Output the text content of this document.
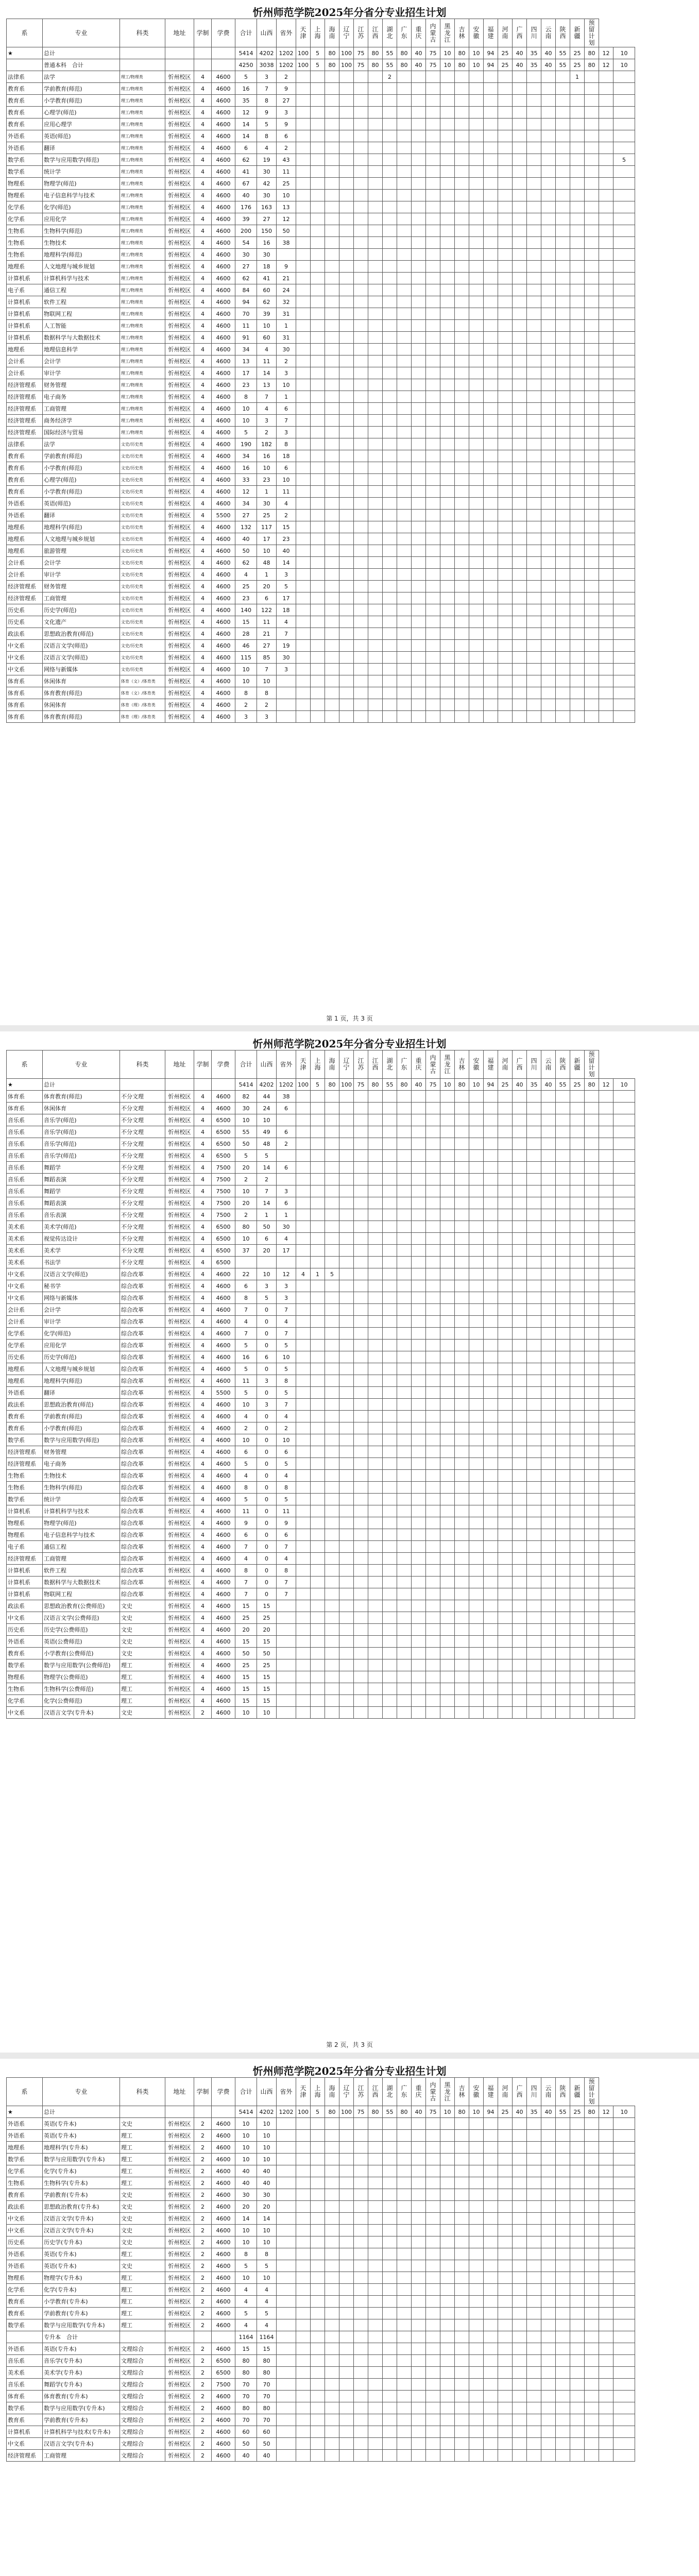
忻州师范学院2025年分省分专业招生计划
系	专业	科类	地址	学制	学费	合计	山西	省外	天津	上海	海南	辽宁	江苏	江西	湖北	广东	重庆	内蒙古	黑龙江	吉林	安徽	福建	河南	广西	四川	云南	陕西	新疆	预留计划		
★	总计					5414	4202	1202	100	5	80	100	75	80	55	80	40	75	10	80	10	94	25	40	35	40	55	25	80	12	10
	普通本科　合计					4250	3038	1202	100	5	80	100	75	80	55	80	40	75	10	80	10	94	25	40	35	40	55	25	80	12	10
法律系	法学	理工/物理类	忻州校区	4	4600	5	3	2							2													1			
教育系	学前教育(师范)	理工/物理类	忻州校区	4	4600	16	7	9																							
教育系	小学教育(师范)	理工/物理类	忻州校区	4	4600	35	8	27																							
教育系	心理学(师范)	理工/物理类	忻州校区	4	4600	12	9	3																							
教育系	应用心理学	理工/物理类	忻州校区	4	4600	14	5	9																							
外语系	英语(师范)	理工/物理类	忻州校区	4	4600	14	8	6																							
外语系	翻译	理工/物理类	忻州校区	4	4600	6	4	2																							
数学系	数学与应用数学(师范)	理工/物理类	忻州校区	4	4600	62	19	43																							5
数学系	统计学	理工/物理类	忻州校区	4	4600	41	30	11																							
物理系	物理学(师范)	理工/物理类	忻州校区	4	4600	67	42	25																							
物理系	电子信息科学与技术	理工/物理类	忻州校区	4	4600	40	30	10																							
化学系	化学(师范)	理工/物理类	忻州校区	4	4600	176	163	13																							
化学系	应用化学	理工/物理类	忻州校区	4	4600	39	27	12																							
生物系	生物科学(师范)	理工/物理类	忻州校区	4	4600	200	150	50																							
生物系	生物技术	理工/物理类	忻州校区	4	4600	54	16	38																							
生物系	地理科学(师范)	理工/物理类	忻州校区	4	4600	30	30																								
地理系	人文地理与城乡规划	理工/物理类	忻州校区	4	4600	27	18	9																							
计算机系	计算机科学与技术	理工/物理类	忻州校区	4	4600	62	41	21																							
电子系	通信工程	理工/物理类	忻州校区	4	4600	84	60	24																							
计算机系	软件工程	理工/物理类	忻州校区	4	4600	94	62	32																							
计算机系	物联网工程	理工/物理类	忻州校区	4	4600	70	39	31																							
计算机系	人工智能	理工/物理类	忻州校区	4	4600	11	10	1																							
计算机系	数据科学与大数据技术	理工/物理类	忻州校区	4	4600	91	60	31																							
地理系	地理信息科学	理工/物理类	忻州校区	4	4600	34	4	30																							
会计系	会计学	理工/物理类	忻州校区	4	4600	13	11	2																							
会计系	审计学	理工/物理类	忻州校区	4	4600	17	14	3																							
经济管理系	财务管理	理工/物理类	忻州校区	4	4600	23	13	10																							
经济管理系	电子商务	理工/物理类	忻州校区	4	4600	8	7	1																							
经济管理系	工商管理	理工/物理类	忻州校区	4	4600	10	4	6																							
经济管理系	商务经济学	理工/物理类	忻州校区	4	4600	10	3	7																							
经济管理系	国际经济与贸易	理工/物理类	忻州校区	4	4600	5	2	3																							
法律系	法学	文史/历史类	忻州校区	4	4600	190	182	8																							
教育系	学前教育(师范)	文史/历史类	忻州校区	4	4600	34	16	18																							
教育系	小学教育(师范)	文史/历史类	忻州校区	4	4600	16	10	6																							
教育系	心理学(师范)	文史/历史类	忻州校区	4	4600	33	23	10																							
教育系	小学教育(师范)	文史/历史类	忻州校区	4	4600	12	1	11																							
外语系	英语(师范)	文史/历史类	忻州校区	4	4600	34	30	4																							
外语系	翻译	文史/历史类	忻州校区	4	5500	27	25	2																							
地理系	地理科学(师范)	文史/历史类	忻州校区	4	4600	132	117	15																							
地理系	人文地理与城乡规划	文史/历史类	忻州校区	4	4600	40	17	23																							
地理系	旅游管理	文史/历史类	忻州校区	4	4600	50	10	40																							
会计系	会计学	文史/历史类	忻州校区	4	4600	62	48	14																							
会计系	审计学	文史/历史类	忻州校区	4	4600	4	1	3																							
经济管理系	财务管理	文史/历史类	忻州校区	4	4600	25	20	5																							
经济管理系	工商管理	文史/历史类	忻州校区	4	4600	23	6	17																							
历史系	历史学(师范)	文史/历史类	忻州校区	4	4600	140	122	18																							
历史系	文化遗产	文史/历史类	忻州校区	4	4600	15	11	4																							
政法系	思想政治教育(师范)	文史/历史类	忻州校区	4	4600	28	21	7																							
中文系	汉语言文学(师范)	文史/历史类	忻州校区	4	4600	46	27	19																							
中文系	汉语言文学(师范)	文史/历史类	忻州校区	4	4600	115	85	30																							
中文系	网络与新媒体	文史/历史类	忻州校区	4	4600	10	7	3																							
体育系	休闲体育	体育（文）/体育类	忻州校区	4	4600	10	10																								
体育系	体育教育(师范)	体育（文）/体育类	忻州校区	4	4600	8	8																								
体育系	休闲体育	体育（理）/体育类	忻州校区	4	4600	2	2																								
体育系	体育教育(师范)	体育（理）/体育类	忻州校区	4	4600	3	3																								
第 1 页，共 3 页
忻州师范学院2025年分省分专业招生计划
系	专业	科类	地址	学制	学费	合计	山西	省外	天津	上海	海南	辽宁	江苏	江西	湖北	广东	重庆	内蒙古	黑龙江	吉林	安徽	福建	河南	广西	四川	云南	陕西	新疆	预留计划		
★	总计					5414	4202	1202	100	5	80	100	75	80	55	80	40	75	10	80	10	94	25	40	35	40	55	25	80	12	10
体育系	体育教育(师范)	不分文理	忻州校区	4	4600	82	44	38																							
体育系	休闲体育	不分文理	忻州校区	4	4600	30	24	6																							
音乐系	音乐学(师范)	不分文理	忻州校区	4	6500	10	10																								
音乐系	音乐学(师范)	不分文理	忻州校区	4	6500	55	49	6																							
音乐系	音乐学(师范)	不分文理	忻州校区	4	6500	50	48	2																							
音乐系	音乐学(师范)	不分文理	忻州校区	4	6500	5	5																								
音乐系	舞蹈学	不分文理	忻州校区	4	7500	20	14	6																							
音乐系	舞蹈表演	不分文理	忻州校区	4	7500	2	2																								
音乐系	舞蹈学	不分文理	忻州校区	4	7500	10	7	3																							
音乐系	舞蹈表演	不分文理	忻州校区	4	7500	20	14	6																							
音乐系	音乐表演	不分文理	忻州校区	4	7500	2	1	1																							
美术系	美术学(师范)	不分文理	忻州校区	4	6500	80	50	30																							
美术系	视觉传达设计	不分文理	忻州校区	4	6500	10	6	4																							
美术系	美术学	不分文理	忻州校区	4	6500	37	20	17																							
美术系	书法学	不分文理	忻州校区	4	6500																										
中文系	汉语言文学(师范)	综合改革	忻州校区	4	4600	22	10	12	4	1	5																				
中文系	秘书学	综合改革	忻州校区	4	4600	6	3	3																							
中文系	网络与新媒体	综合改革	忻州校区	4	4600	8	5	3																							
会计系	会计学	综合改革	忻州校区	4	4600	7	0	7																							
会计系	审计学	综合改革	忻州校区	4	4600	4	0	4																							
化学系	化学(师范)	综合改革	忻州校区	4	4600	7	0	7																							
化学系	应用化学	综合改革	忻州校区	4	4600	5	0	5																							
历史系	历史学(师范)	综合改革	忻州校区	4	4600	16	6	10																							
地理系	人文地理与城乡规划	综合改革	忻州校区	4	4600	5	0	5																							
地理系	地理科学(师范)	综合改革	忻州校区	4	4600	11	3	8																							
外语系	翻译	综合改革	忻州校区	4	5500	5	0	5																							
政法系	思想政治教育(师范)	综合改革	忻州校区	4	4600	10	3	7																							
教育系	学前教育(师范)	综合改革	忻州校区	4	4600	4	0	4																							
教育系	小学教育(师范)	综合改革	忻州校区	4	4600	2	0	2																							
数学系	数学与应用数学(师范)	综合改革	忻州校区	4	4600	10	0	10																							
经济管理系	财务管理	综合改革	忻州校区	4	4600	6	0	6																							
经济管理系	电子商务	综合改革	忻州校区	4	4600	5	0	5																							
生物系	生物技术	综合改革	忻州校区	4	4600	4	0	4																							
生物系	生物科学(师范)	综合改革	忻州校区	4	4600	8	0	8																							
数学系	统计学	综合改革	忻州校区	4	4600	5	0	5																							
计算机系	计算机科学与技术	综合改革	忻州校区	4	4600	11	0	11																							
物理系	物理学(师范)	综合改革	忻州校区	4	4600	9	0	9																							
物理系	电子信息科学与技术	综合改革	忻州校区	4	4600	6	0	6																							
电子系	通信工程	综合改革	忻州校区	4	4600	7	0	7																							
经济管理系	工商管理	综合改革	忻州校区	4	4600	4	0	4																							
计算机系	软件工程	综合改革	忻州校区	4	4600	8	0	8																							
计算机系	数据科学与大数据技术	综合改革	忻州校区	4	4600	7	0	7																							
计算机系	物联网工程	综合改革	忻州校区	4	4600	7	0	7																							
政法系	思想政治教育(公费师范)	文史	忻州校区	4	4600	15	15																								
中文系	汉语言文学(公费师范)	文史	忻州校区	4	4600	25	25																								
历史系	历史学(公费师范)	文史	忻州校区	4	4600	20	20																								
外语系	英语(公费师范)	文史	忻州校区	4	4600	15	15																								
教育系	小学教育(公费师范)	文史	忻州校区	4	4600	50	50																								
数学系	数学与应用数学(公费师范)	理工	忻州校区	4	4600	25	25																								
物理系	物理学(公费师范)	理工	忻州校区	4	4600	15	15																								
生物系	生物科学(公费师范)	理工	忻州校区	4	4600	15	15																								
化学系	化学(公费师范)	理工	忻州校区	4	4600	15	15																								
中文系	汉语言文学(专升本)	文史	忻州校区	2	4600	10	10																								
第 2 页，共 3 页
忻州师范学院2025年分省分专业招生计划
系	专业	科类	地址	学制	学费	合计	山西	省外	天津	上海	海南	辽宁	江苏	江西	湖北	广东	重庆	内蒙古	黑龙江	吉林	安徽	福建	河南	广西	四川	云南	陕西	新疆	预留计划		
★	总计					5414	4202	1202	100	5	80	100	75	80	55	80	40	75	10	80	10	94	25	40	35	40	55	25	80	12	10
外语系	英语(专升本)	文史	忻州校区	2	4600	10	10																								
外语系	英语(专升本)	理工	忻州校区	2	4600	10	10																								
地理系	地理科学(专升本)	理工	忻州校区	2	4600	10	10																								
数学系	数学与应用数学(专升本)	理工	忻州校区	2	4600	10	10																								
化学系	化学(专升本)	理工	忻州校区	2	4600	40	40																								
生物系	生物科学(专升本)	理工	忻州校区	2	4600	40	40																								
教育系	学前教育(专升本)	文史	忻州校区	2	4600	30	30																								
政法系	思想政治教育(专升本)	文史	忻州校区	2	4600	20	20																								
中文系	汉语言文学(专升本)	文史	忻州校区	2	4600	14	14																								
中文系	汉语言文学(专升本)	文史	忻州校区	2	4600	10	10																								
历史系	历史学(专升本)	文史	忻州校区	2	4600	10	10																								
外语系	英语(专升本)	理工	忻州校区	2	4600	8	8																								
外语系	英语(专升本)	文史	忻州校区	2	4600	5	5																								
物理系	物理学(专升本)	理工	忻州校区	2	4600	10	10																								
化学系	化学(专升本)	理工	忻州校区	2	4600	4	4																								
教育系	小学教育(专升本)	理工	忻州校区	2	4600	4	4																								
教育系	学前教育(专升本)	理工	忻州校区	2	4600	5	5																								
数学系	数学与应用数学(专升本)	理工	忻州校区	2	4600	4	4																								
	专升本　合计					1164	1164																								
外语系	英语(专升本)	文理综合	忻州校区	2	4600	15	15																								
音乐系	音乐学(专升本)	文理综合	忻州校区	2	6500	80	80																								
美术系	美术学(专升本)	文理综合	忻州校区	2	6500	80	80																								
音乐系	舞蹈学(专升本)	文理综合	忻州校区	2	7500	70	70																								
体育系	体育教育(专升本)	文理综合	忻州校区	2	4600	70	70																								
数学系	数学与应用数学(专升本)	文理综合	忻州校区	2	4600	80	80																								
教育系	学前教育(专升本)	文理综合	忻州校区	2	4600	70	70																								
计算机系	计算机科学与技术(专升本)	文理综合	忻州校区	2	4600	60	60																								
中文系	汉语言文学(专升本)	文理综合	忻州校区	2	4600	50	50																								
经济管理系	工商管理	文理综合	忻州校区	2	4600	40	40																								
